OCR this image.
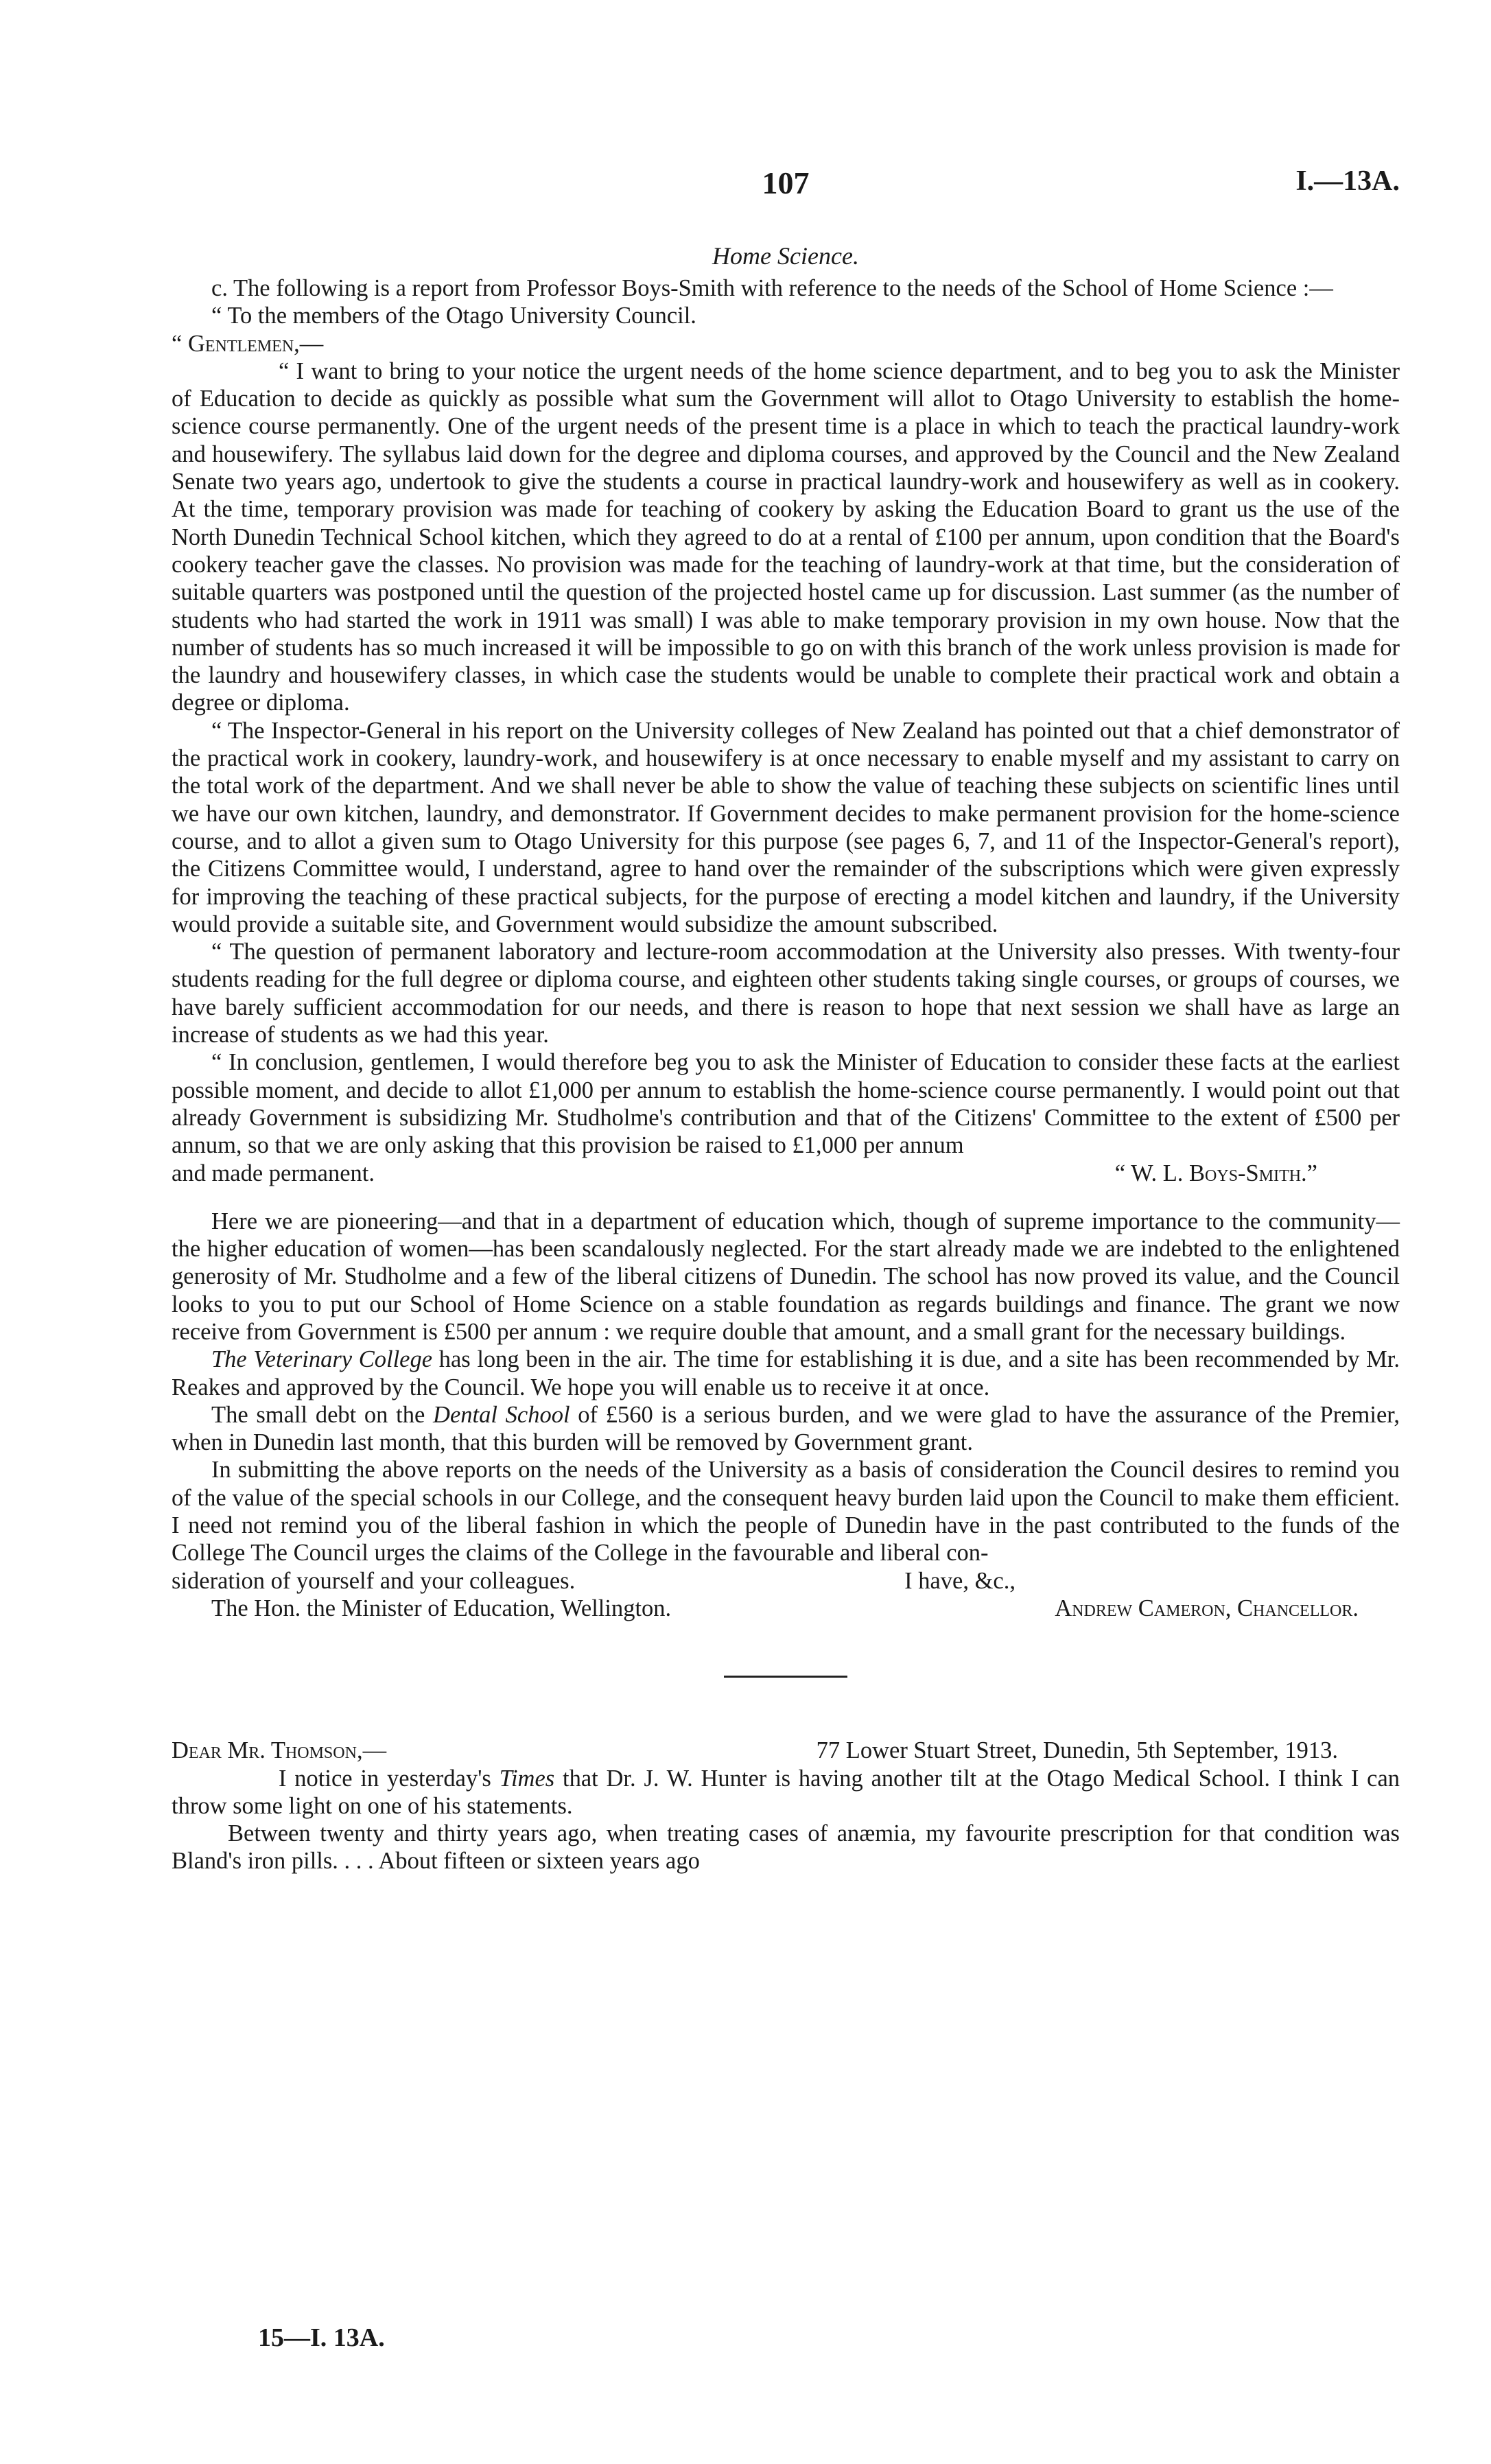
107	I.—13A.
Home Science.

c. The following is a report from Professor Boys-Smith with reference to the needs of the School of Home Science :—

“ To the members of the Otago University Council.

“ Gentlemen,—

“ I want to bring to your notice the urgent needs of the home science department, and to beg you to ask the Minister of Education to decide as quickly as possible what sum the Government will allot to Otago University to establish the home-science course permanently. One of the urgent needs of the present time is a place in which to teach the practical laundry-work and housewifery. The syllabus laid down for the degree and diploma courses, and approved by the Council and the New Zealand Senate two years ago, undertook to give the students a course in practical laundry-work and housewifery as well as in cookery. At the time, temporary provision was made for teaching of cookery by asking the Education Board to grant us the use of the North Dunedin Technical School kitchen, which they agreed to do at a rental of £100 per annum, upon condition that the Board's cookery teacher gave the classes. No provision was made for the teaching of laundry-work at that time, but the consideration of suitable quarters was postponed until the question of the projected hostel came up for discussion. Last summer (as the number of students who had started the work in 1911 was small) I was able to make temporary provision in my own house. Now that the number of students has so much increased it will be impossible to go on with this branch of the work unless provision is made for the laundry and housewifery classes, in which case the students would be unable to complete their practical work and obtain a degree or diploma.

“ The Inspector-General in his report on the University colleges of New Zealand has pointed out that a chief demonstrator of the practical work in cookery, laundry-work, and housewifery is at once necessary to enable myself and my assistant to carry on the total work of the department. And we shall never be able to show the value of teaching these subjects on scientific lines until we have our own kitchen, laundry, and demonstrator. If Government decides to make permanent provision for the home-science course, and to allot a given sum to Otago University for this purpose (see pages 6, 7, and 11 of the Inspector-General's report), the Citizens Committee would, I understand, agree to hand over the remainder of the subscriptions which were given expressly for improving the teaching of these practical subjects, for the purpose of erecting a model kitchen and laundry, if the University would provide a suitable site, and Government would subsidize the amount subscribed.

“ The question of permanent laboratory and lecture-room accommodation at the University also presses. With twenty-four students reading for the full degree or diploma course, and eighteen other students taking single courses, or groups of courses, we have barely sufficient accommodation for our needs, and there is reason to hope that next session we shall have as large an increase of students as we had this year.

“ In conclusion, gentlemen, I would therefore beg you to ask the Minister of Education to consider these facts at the earliest possible moment, and decide to allot £1,000 per annum to establish the home-science course permanently. I would point out that already Government is subsidizing Mr. Studholme's contribution and that of the Citizens' Committee to the extent of £500 per annum, so that we are only asking that this provision be raised to £1,000 per annum

and made permanent.	“ W. L. Boys-Smith.”

Here we are pioneering—and that in a department of education which, though of supreme importance to the community—the higher education of women—has been scandalously neglected. For the start already made we are indebted to the enlightened generosity of Mr. Studholme and a few of the liberal citizens of Dunedin. The school has now proved its value, and the Council looks to you to put our School of Home Science on a stable foundation as regards buildings and finance. The grant we now receive from Government is £500 per annum : we require double that amount, and a small grant for the necessary buildings.

The Veterinary College has long been in the air. The time for establishing it is due, and a site has been recommended by Mr. Reakes and approved by the Council. We hope you will enable us to receive it at once.

The small debt on the Dental School of £560 is a serious burden, and we were glad to have the assurance of the Premier, when in Dunedin last month, that this burden will be removed by Government grant.

In submitting the above reports on the needs of the University as a basis of consideration the Council desires to remind you of the value of the special schools in our College, and the consequent heavy burden laid upon the Council to make them efficient. I need not remind you of the liberal fashion in which the people of Dunedin have in the past contributed to the funds of the College The Council urges the claims of the College in the favourable and liberal con-

sideration of yourself and your colleagues.	I have, &c.,
The Hon. the Minister of Education, Wellington.	Andrew Cameron, Chancellor.
Dear Mr. Thomson,—	77 Lower Stuart Street, Dunedin, 5th September, 1913.

I notice in yesterday's Times that Dr. J. W. Hunter is having another tilt at the Otago Medical School. I think I can throw some light on one of his statements.

Between twenty and thirty years ago, when treating cases of anæmia, my favourite prescription for that condition was Bland's iron pills. . . . About fifteen or sixteen years ago

15—I. 13A.
